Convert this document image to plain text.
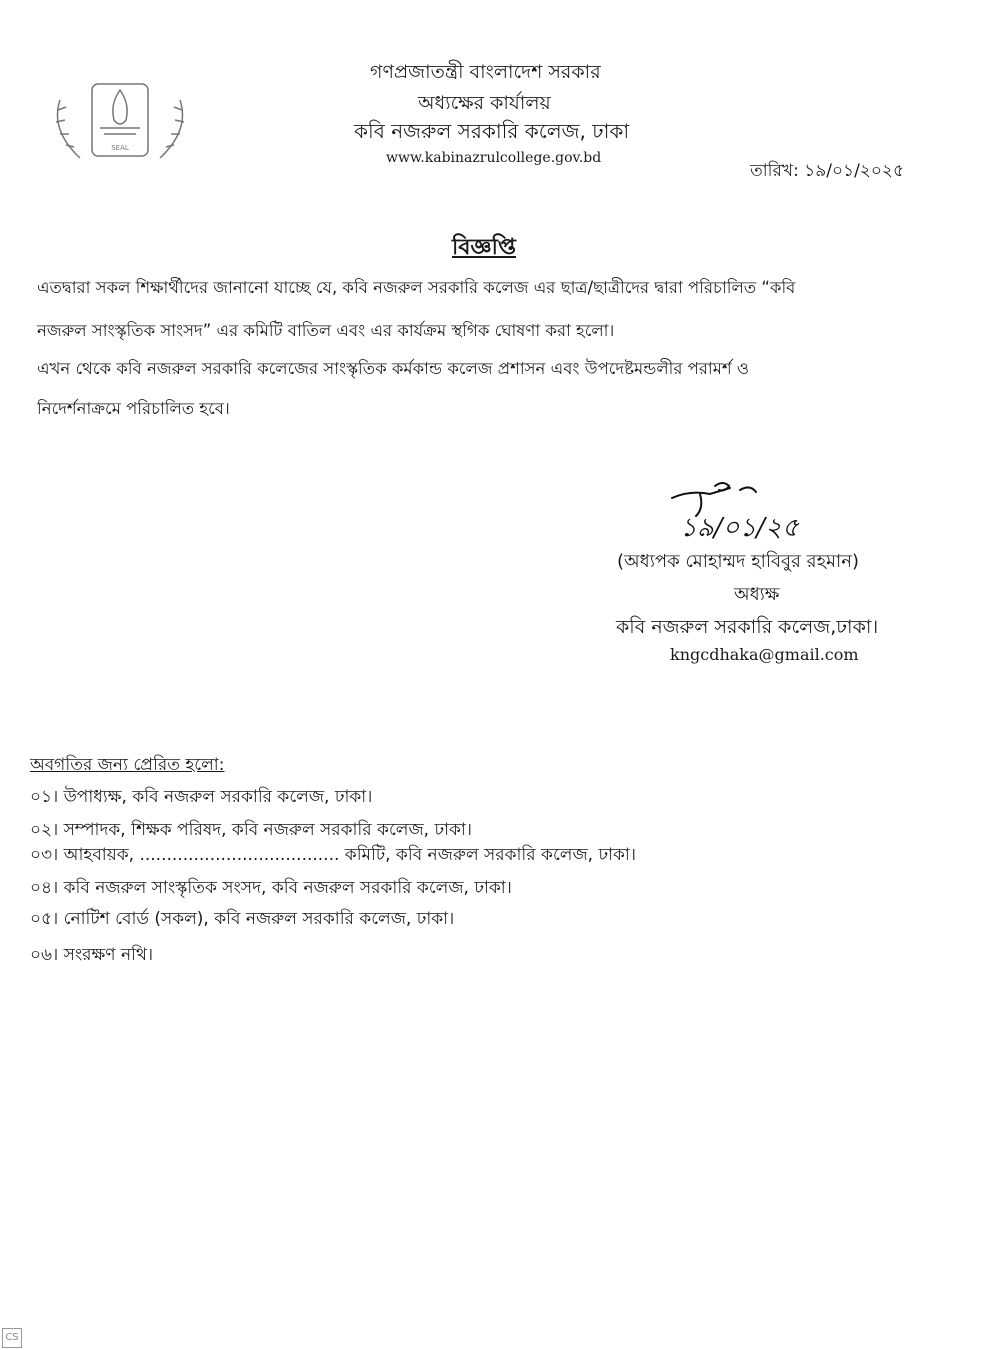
SEAL
গণপ্রজাতন্ত্রী বাংলাদেশ সরকার
অধ্যক্ষের কার্যালয়
কবি নজরুল সরকারি কলেজ, ঢাকা
www.kabinazrulcollege.gov.bd
তারিখ: ১৯/০১/২০২৫
বিজ্ঞপ্তি
এতদ্বারা সকল শিক্ষার্থীদের জানানো যাচ্ছে যে, কবি নজরুল সরকারি কলেজ এর ছাত্র/ছাত্রীদের দ্বারা পরিচালিত “কবি
নজরুল সাংস্কৃতিক সাংসদ” এর কমিটি বাতিল এবং এর কার্যক্রম স্থগিক ঘোষণা করা হলো।
এখন থেকে কবি নজরুল সরকারি কলেজের সাংস্কৃতিক কর্মকান্ড কলেজ প্রশাসন এবং উপদেষ্টমন্ডলীর পরামর্শ ও
নিদের্শনাক্রমে পরিচালিত হবে।
১৯/০১/২৫
(অধ্যপক মোহাম্মদ হাবিবুর রহমান)
অধ্যক্ষ
কবি নজরুল সরকারি কলেজ,ঢাকা।
kngcdhaka@gmail.com
অবগতির জন্য প্রেরিত হলো:
০১। উপাধ্যক্ষ, কবি নজরুল সরকারি কলেজ, ঢাকা।
০২। সম্পাদক, শিক্ষক পরিষদ, কবি নজরুল সরকারি কলেজ, ঢাকা।
০৩। আহবায়ক, ..................................... কমিটি, কবি নজরুল সরকারি কলেজ, ঢাকা।
০৪। কবি নজরুল সাংস্কৃতিক সংসদ, কবি নজরুল সরকারি কলেজ, ঢাকা।
০৫। নোটিশ বোর্ড (সকল), কবি নজরুল সরকারি কলেজ, ঢাকা।
০৬। সংরক্ষণ নথি।
CS
